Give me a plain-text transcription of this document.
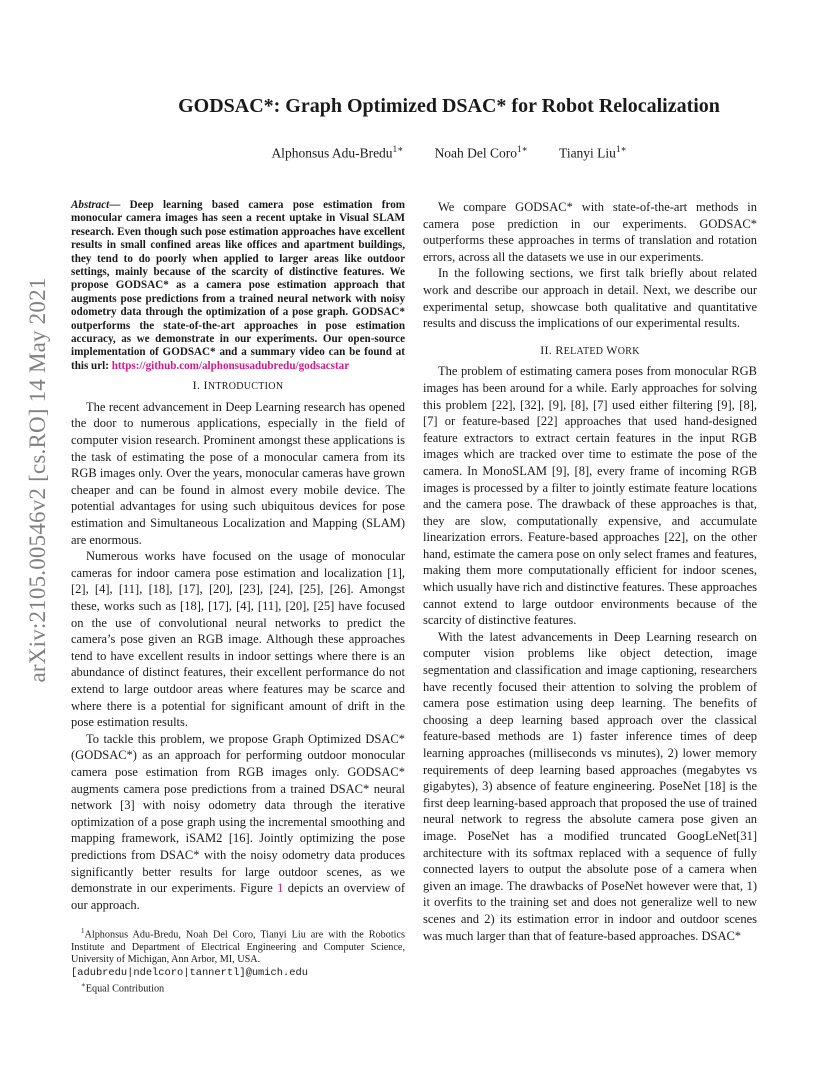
arXiv:2105.00546v2 [cs.RO] 14 May 2021
GODSAC*: Graph Optimized DSAC* for Robot Relocalization
Alphonsus Adu-Bredu$^{1∗}$ Noah Del Coro$^{1∗}$ Tianyi Liu$^{1∗}$

Abstract— Deep learning based camera pose estimation from monocular camera images has seen a recent uptake in Visual SLAM research. Even though such pose estimation approaches have excellent results in small confined areas like offices and apartment buildings, they tend to do poorly when applied to larger areas like outdoor settings, mainly because of the scarcity of distinctive features. We propose GODSAC* as a camera pose estimation approach that augments pose predictions from a trained neural network with noisy odometry data through the optimization of a pose graph. GODSAC* outperforms the state-of-the-art approaches in pose estimation accuracy, as we demonstrate in our experiments. Our open-source implementation of GODSAC* and a summary video can be found at this url: https://github.com/alphonsusadubredu/godsacstar

I. INTRODUCTION

The recent advancement in Deep Learning research has opened the door to numerous applications, especially in the field of computer vision research. Prominent amongst these applications is the task of estimating the pose of a monocular camera from its RGB images only. Over the years, monocular cameras have grown cheaper and can be found in almost every mobile device. The potential advantages for using such ubiquitous devices for pose estimation and Simultaneous Localization and Mapping (SLAM) are enormous.

Numerous works have focused on the usage of monocular cameras for indoor camera pose estimation and localization [1], [2], [4], [11], [18], [17], [20], [23], [24], [25], [26]. Amongst these, works such as [18], [17], [4], [11], [20], [25] have focused on the use of convolutional neural networks to predict the camera’s pose given an RGB image. Although these approaches tend to have excellent results in indoor settings where there is an abundance of distinct features, their excellent performance do not extend to large outdoor areas where features may be scarce and where there is a potential for significant amount of drift in the pose estimation results.

To tackle this problem, we propose Graph Optimized DSAC* (GODSAC*) as an approach for performing outdoor monocular camera pose estimation from RGB images only. GODSAC* augments camera pose predictions from a trained DSAC* neural network [3] with noisy odometry data through the iterative optimization of a pose graph using the incremental smoothing and mapping framework, iSAM2 [16]. Jointly optimizing the pose predictions from DSAC* with the noisy odometry data produces significantly better results for large outdoor scenes, as we demonstrate in our experiments. Figure 1 depicts an overview of our approach.

$^1$Alphonsus Adu-Bredu, Noah Del Coro, Tianyi Liu are with the Robotics Institute and Department of Electrical Engineering and Computer Science, University of Michigan, Ann Arbor, MI, USA.
[adubredu|ndelcoro|tannertl]@umich.edu

∗Equal Contribution

We compare GODSAC* with state-of-the-art methods in camera pose prediction in our experiments. GODSAC* outperforms these approaches in terms of translation and rotation errors, across all the datasets we use in our experiments.

In the following sections, we first talk briefly about related work and describe our approach in detail. Next, we describe our experimental setup, showcase both qualitative and quantitative results and discuss the implications of our experimental results.

II. RELATED WORK

The problem of estimating camera poses from monocular RGB images has been around for a while. Early approaches for solving this problem [22], [32], [9], [8], [7] used either filtering [9], [8], [7] or feature-based [22] approaches that used hand-designed feature extractors to extract certain features in the input RGB images which are tracked over time to estimate the pose of the camera. In MonoSLAM [9], [8], every frame of incoming RGB images is processed by a filter to jointly estimate feature locations and the camera pose. The drawback of these approaches is that, they are slow, computationally expensive, and accumulate linearization errors. Feature-based approaches [22], on the other hand, estimate the camera pose on only select frames and features, making them more computationally efficient for indoor scenes, which usually have rich and distinctive features. These approaches cannot extend to large outdoor environments because of the scarcity of distinctive features.

With the latest advancements in Deep Learning research on computer vision problems like object detection, image segmentation and classification and image captioning, researchers have recently focused their attention to solving the problem of camera pose estimation using deep learning. The benefits of choosing a deep learning based approach over the classical feature-based methods are 1) faster inference times of deep learning approaches (milliseconds vs minutes), 2) lower memory requirements of deep learning based approaches (megabytes vs gigabytes), 3) absence of feature engineering. PoseNet [18] is the first deep learning-based approach that proposed the use of trained neural network to regress the absolute camera pose given an image. PoseNet has a modified truncated GoogLeNet[31] architecture with its softmax replaced with a sequence of fully connected layers to output the absolute pose of a camera when given an image. The drawbacks of PoseNet however were that, 1) it overfits to the training set and does not generalize well to new scenes and 2) its estimation error in indoor and outdoor scenes was much larger than that of feature-based approaches. DSAC*
